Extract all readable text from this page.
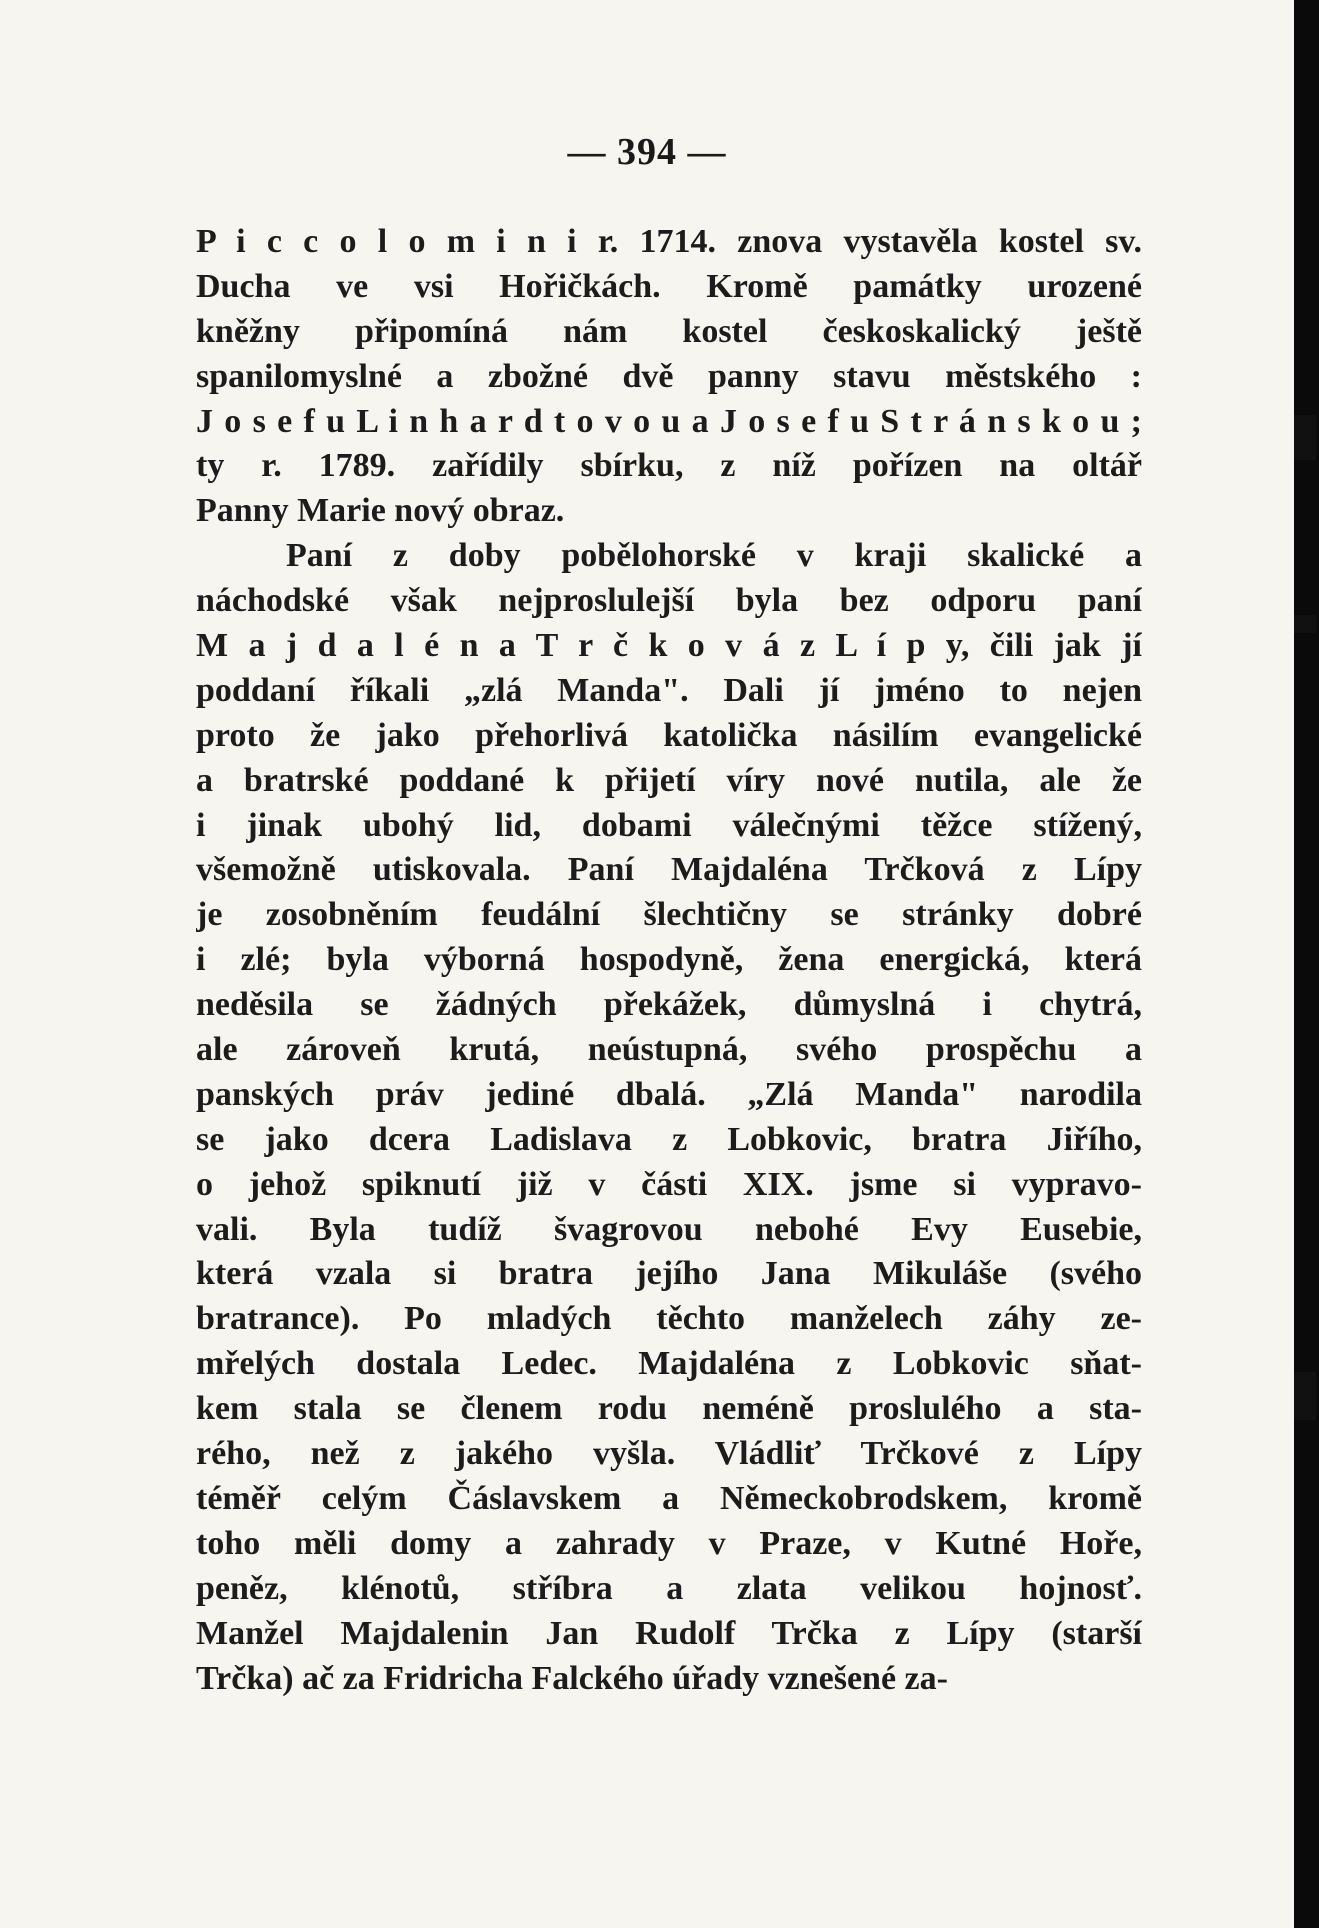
— 394 —
P i c c o l o m i n i r. 1714. znova vystavěla kostel sv.
Ducha ve vsi Hořičkách. Kromě památky urozené
kněžny připomíná nám kostel českoskalický ještě
spanilomyslné a zbožné dvě panny stavu městského :
J o s e f u L i n h a r d t o v o u a J o s e f u S t r á n s k o u ;
ty r. 1789. zařídily sbírku, z níž pořízen na oltář
Panny Marie nový obraz.
Paní z doby pobělohorské v kraji skalické a
náchodské však nejproslulejší byla bez odporu paní
M a j d a l é n a T r č k o v á z L í p y, čili jak jí
poddaní říkali „zlá Manda". Dali jí jméno to nejen
proto že jako přehorlivá katolička násilím evangelické
a bratrské poddané k přijetí víry nové nutila, ale že
i jinak ubohý lid, dobami válečnými těžce stížený,
všemožně utiskovala. Paní Majdaléna Trčková z Lípy
je zosobněním feudální šlechtičny se stránky dobré
i zlé; byla výborná hospodyně, žena energická, která
neděsila se žádných překážek, důmyslná i chytrá,
ale zároveň krutá, neústupná, svého prospěchu a
panských práv jediné dbalá. „Zlá Manda" narodila
se jako dcera Ladislava z Lobkovic, bratra Jiřího,
o jehož spiknutí již v části XIX. jsme si vypravo-
vali. Byla tudíž švagrovou nebohé Evy Eusebie,
která vzala si bratra jejího Jana Mikuláše (svého
bratrance). Po mladých těchto manželech záhy ze-
mřelých dostala Ledec. Majdaléna z Lobkovic sňat-
kem stala se členem rodu neméně proslulého a sta-
rého, než z jakého vyšla. Vládliť Trčkové z Lípy
téměř celým Čáslavskem a Německobrodskem, kromě
toho měli domy a zahrady v Praze, v Kutné Hoře,
peněz, klénotů, stříbra a zlata velikou hojnosť.
Manžel Majdalenin Jan Rudolf Trčka z Lípy (starší
Trčka) ač za Fridricha Falckého úřady vznešené za-
